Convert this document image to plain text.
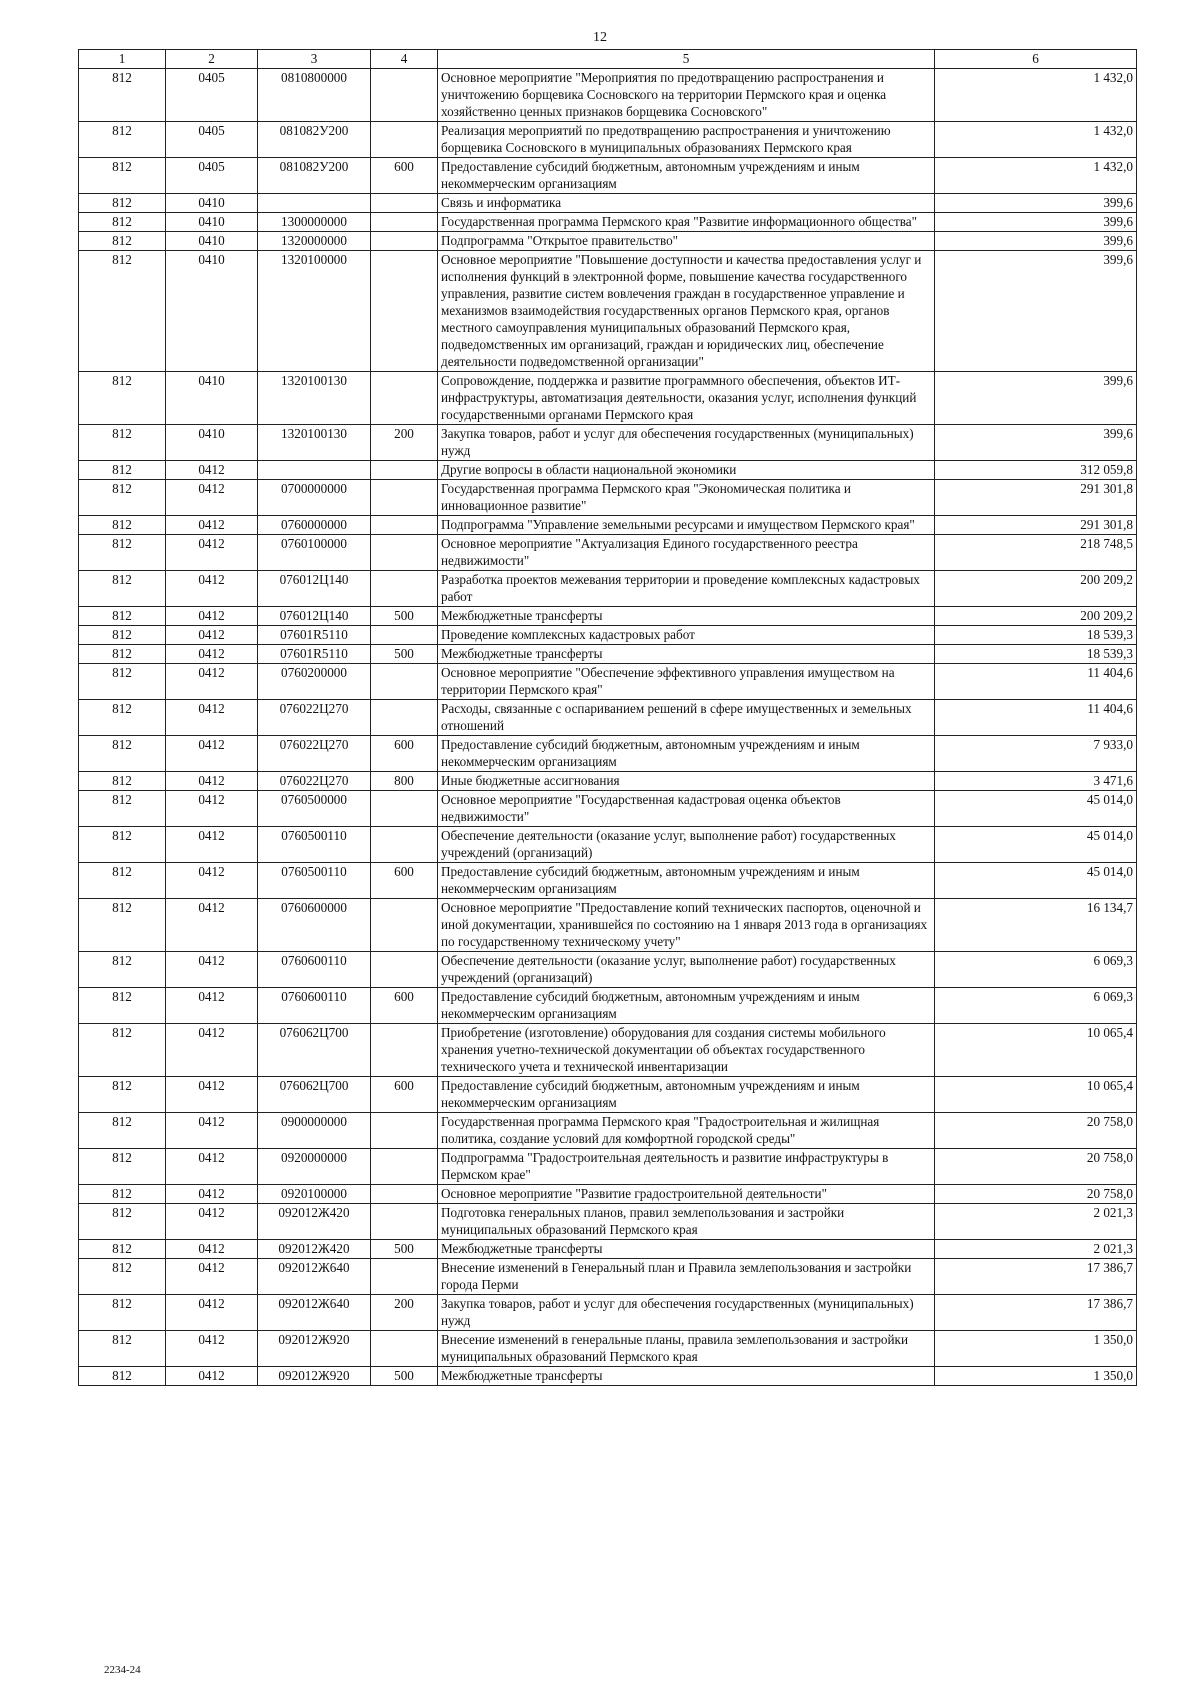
12
1	2	3	4	5	6
812	0405	0810800000		Основное мероприятие "Мероприятия по предотвращению распространения и уничтожению борщевика Сосновского на территории Пермского края и оценка хозяйственно ценных признаков борщевика Сосновского"	1 432,0
812	0405	081082У200		Реализация мероприятий по предотвращению распространения и уничтожению борщевика Сосновского в муниципальных образованиях Пермского края	1 432,0
812	0405	081082У200	600	Предоставление субсидий бюджетным, автономным учреждениям и иным некоммерческим организациям	1 432,0
812	0410			Связь и информатика	399,6
812	0410	1300000000		Государственная программа Пермского края "Развитие информационного общества"	399,6
812	0410	1320000000		Подпрограмма "Открытое правительство"	399,6
812	0410	1320100000		Основное мероприятие "Повышение доступности и качества предоставления услуг и исполнения функций в электронной форме, повышение качества государственного управления, развитие систем вовлечения граждан в государственное управление и механизмов взаимодействия государственных органов Пермского края, органов местного самоуправления муниципальных образований Пермского края, подведомственных им организаций, граждан и юридических лиц, обеспечение деятельности подведомственной организации"	399,6
812	0410	1320100130		Сопровождение, поддержка и развитие программного обеспечения, объектов ИТ-инфраструктуры, автоматизация деятельности, оказания услуг, исполнения функций государственными органами Пермского края	399,6
812	0410	1320100130	200	Закупка товаров, работ и услуг для обеспечения государственных (муниципальных) нужд	399,6
812	0412			Другие вопросы в области национальной экономики	312 059,8
812	0412	0700000000		Государственная программа Пермского края "Экономическая политика и инновационное развитие"	291 301,8
812	0412	0760000000		Подпрограмма "Управление земельными ресурсами и имуществом Пермского края"	291 301,8
812	0412	0760100000		Основное мероприятие "Актуализация Единого государственного реестра недвижимости"	218 748,5
812	0412	076012Ц140		Разработка проектов межевания территории и проведение комплексных кадастровых работ	200 209,2
812	0412	076012Ц140	500	Межбюджетные трансферты	200 209,2
812	0412	07601R5110		Проведение комплексных кадастровых работ	18 539,3
812	0412	07601R5110	500	Межбюджетные трансферты	18 539,3
812	0412	0760200000		Основное мероприятие "Обеспечение эффективного управления имуществом на территории Пермского края"	11 404,6
812	0412	076022Ц270		Расходы, связанные с оспариванием решений в сфере имущественных и земельных отношений	11 404,6
812	0412	076022Ц270	600	Предоставление субсидий бюджетным, автономным учреждениям и иным некоммерческим организациям	7 933,0
812	0412	076022Ц270	800	Иные бюджетные ассигнования	3 471,6
812	0412	0760500000		Основное мероприятие "Государственная кадастровая оценка объектов недвижимости"	45 014,0
812	0412	0760500110		Обеспечение деятельности (оказание услуг, выполнение работ) государственных учреждений (организаций)	45 014,0
812	0412	0760500110	600	Предоставление субсидий бюджетным, автономным учреждениям и иным некоммерческим организациям	45 014,0
812	0412	0760600000		Основное мероприятие "Предоставление копий технических паспортов, оценочной и иной документации, хранившейся по состоянию на 1 января 2013 года в организациях по государственному техническому учету"	16 134,7
812	0412	0760600110		Обеспечение деятельности (оказание услуг, выполнение работ) государственных учреждений (организаций)	6 069,3
812	0412	0760600110	600	Предоставление субсидий бюджетным, автономным учреждениям и иным некоммерческим организациям	6 069,3
812	0412	076062Ц700		Приобретение (изготовление) оборудования для создания системы мобильного хранения учетно-технической документации об объектах государственного технического учета и технической инвентаризации	10 065,4
812	0412	076062Ц700	600	Предоставление субсидий бюджетным, автономным учреждениям и иным некоммерческим организациям	10 065,4
812	0412	0900000000		Государственная программа Пермского края "Градостроительная и жилищная политика, создание условий для комфортной городской среды"	20 758,0
812	0412	0920000000		Подпрограмма "Градостроительная деятельность и развитие инфраструктуры в Пермском крае"	20 758,0
812	0412	0920100000		Основное мероприятие "Развитие градостроительной деятельности"	20 758,0
812	0412	092012Ж420		Подготовка генеральных планов, правил землепользования и застройки муниципальных образований Пермского края	2 021,3
812	0412	092012Ж420	500	Межбюджетные трансферты	2 021,3
812	0412	092012Ж640		Внесение изменений в Генеральный план и Правила землепользования и застройки города Перми	17 386,7
812	0412	092012Ж640	200	Закупка товаров, работ и услуг для обеспечения государственных (муниципальных) нужд	17 386,7
812	0412	092012Ж920		Внесение изменений в генеральные планы, правила землепользования и застройки муниципальных образований Пермского края	1 350,0
812	0412	092012Ж920	500	Межбюджетные трансферты	1 350,0
2234-24
